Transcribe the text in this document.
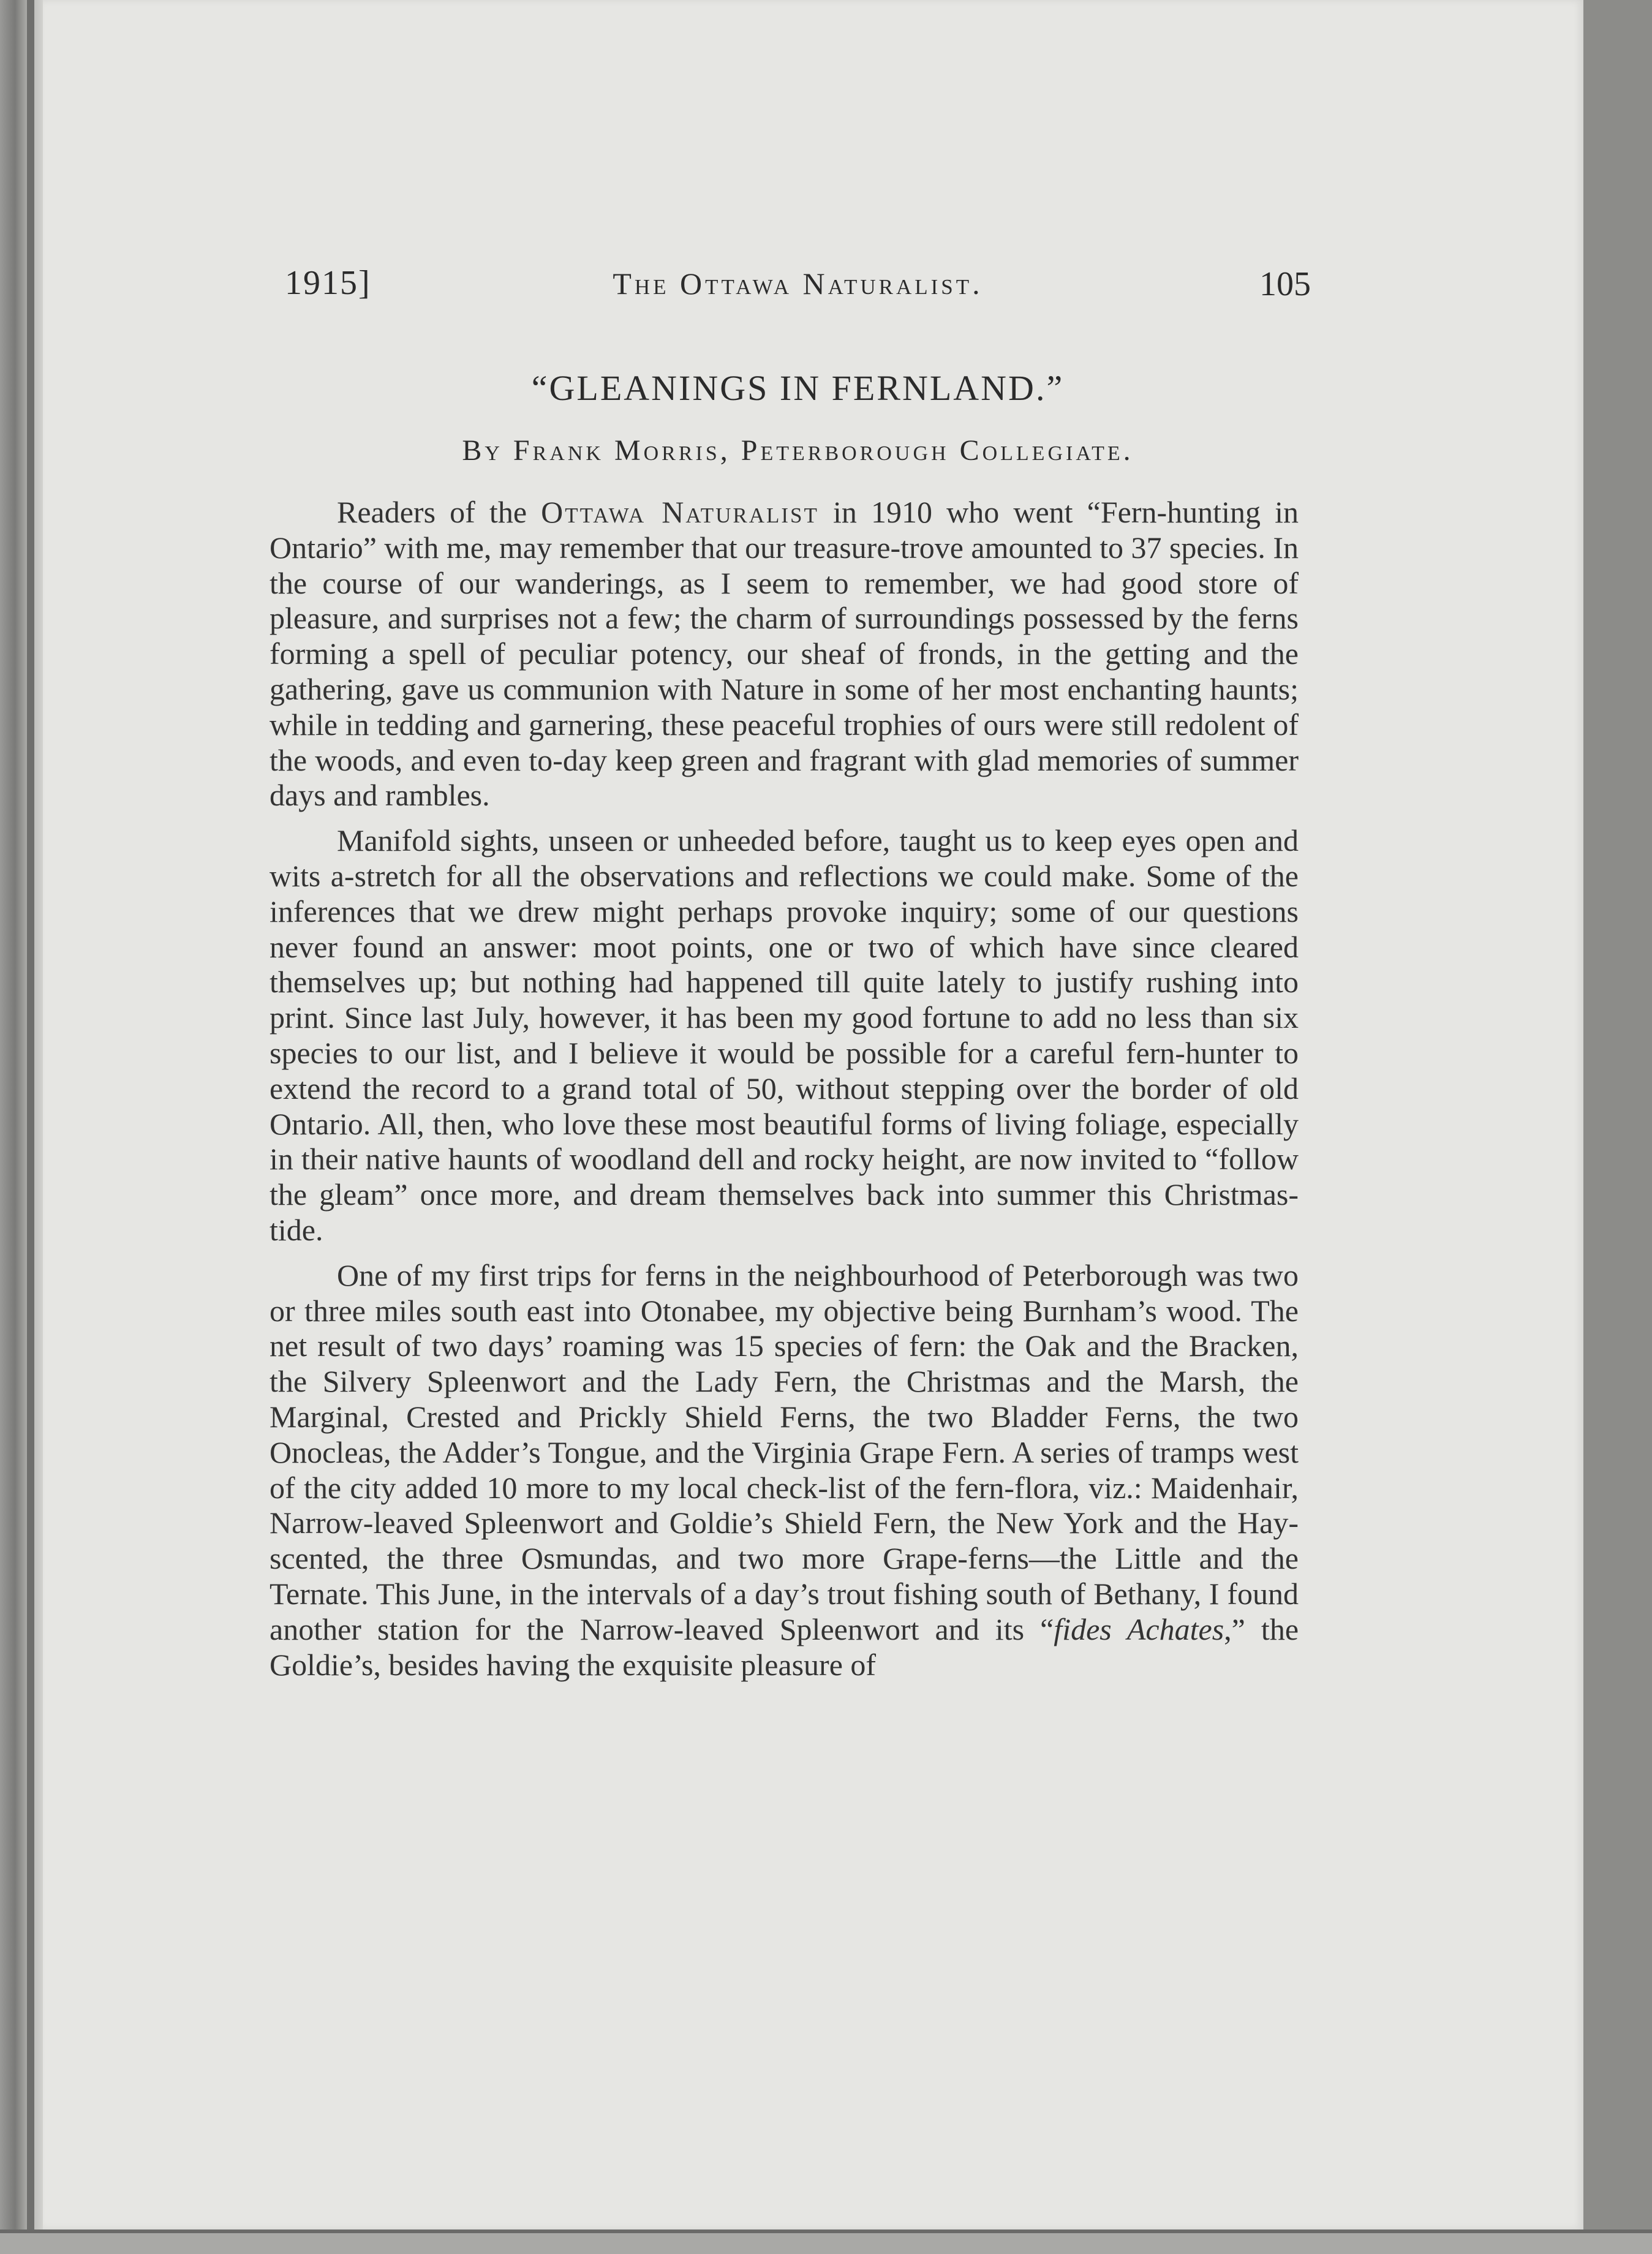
1915]	The Ottawa Naturalist.	105
“GLEANINGS IN FERNLAND.”
By Frank Morris, Peterborough Collegiate.

Readers of the Ottawa Naturalist in 1910 who went “Fern-hunting in Ontario” with me, may remember that our treasure-trove amounted to 37 species. In the course of our wanderings, as I seem to remember, we had good store of pleasure, and surprises not a few; the charm of surroundings possessed by the ferns forming a spell of peculiar potency, our sheaf of fronds, in the getting and the gathering, gave us communion with Nature in some of her most enchanting haunts; while in tedding and garnering, these peaceful trophies of ours were still redolent of the woods, and even to-day keep green and fragrant with glad memories of summer days and rambles.

Manifold sights, unseen or unheeded before, taught us to keep eyes open and wits a-stretch for all the observations and reflections we could make. Some of the inferences that we drew might perhaps provoke inquiry; some of our questions never found an answer: moot points, one or two of which have since cleared themselves up; but nothing had happened till quite lately to justify rushing into print. Since last July, however, it has been my good fortune to add no less than six species to our list, and I believe it would be possible for a careful fern-hunter to extend the record to a grand total of 50, without stepping over the border of old Ontario. All, then, who love these most beautiful forms of living foliage, especially in their native haunts of woodland dell and rocky height, are now invited to “follow the gleam” once more, and dream themselves back into summer this Christmas-tide.

One of my first trips for ferns in the neighbourhood of Peterborough was two or three miles south east into Otonabee, my objective being Burnham’s wood. The net result of two days’ roaming was 15 species of fern: the Oak and the Bracken, the Silvery Spleenwort and the Lady Fern, the Christmas and the Marsh, the Marginal, Crested and Prickly Shield Ferns, the two Bladder Ferns, the two Onocleas, the Adder’s Tongue, and the Virginia Grape Fern. A series of tramps west of the city added 10 more to my local check-list of the fern-flora, viz.: Maidenhair, Narrow-leaved Spleenwort and Goldie’s Shield Fern, the New York and the Hay-scented, the three Osmundas, and two more Grape-ferns—the Little and the Ternate. This June, in the intervals of a day’s trout fishing south of Bethany, I found another station for the Narrow-leaved Spleenwort and its “fides Achates,” the Goldie’s, besides having the exquisite pleasure of
